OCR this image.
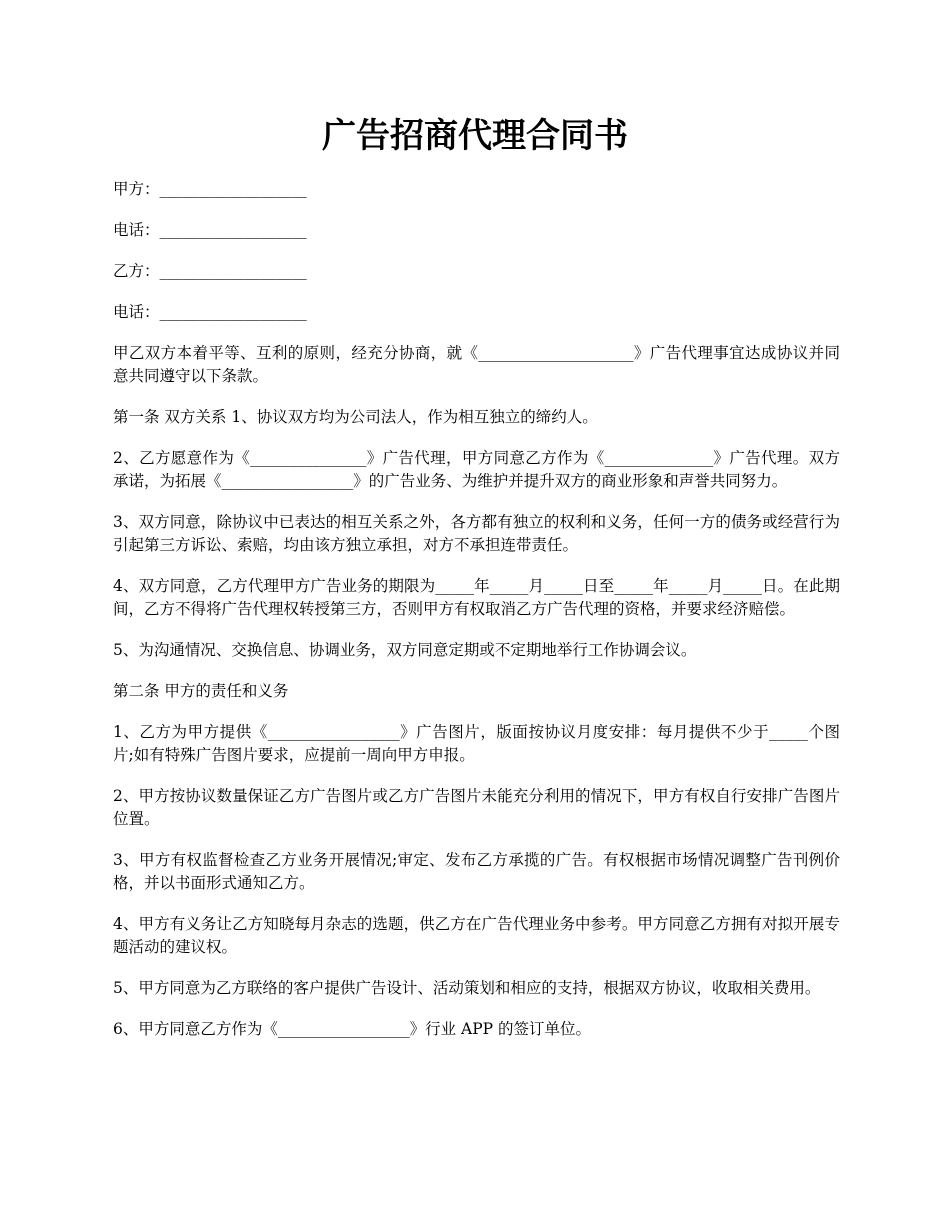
广告招商代理合同书

甲方：___________________

电话：___________________

乙方：___________________

电话：___________________

甲乙双方本着平等、互利的原则，经充分协商，就《____________________》广告代理事宜达成协议并同意共同遵守以下条款。

第一条 双方关系 1、协议双方均为公司法人，作为相互独立的缔约人。

2、乙方愿意作为《_______________》广告代理，甲方同意乙方作为《______________》广告代理。双方承诺，为拓展《_________________》的广告业务、为维护并提升双方的商业形象和声誉共同努力。

3、双方同意，除协议中已表达的相互关系之外，各方都有独立的权利和义务，任何一方的债务或经营行为引起第三方诉讼、索赔，均由该方独立承担，对方不承担连带责任。

4、双方同意，乙方代理甲方广告业务的期限为_____年_____月_____日至_____年_____月_____日。在此期间，乙方不得将广告代理权转授第三方，否则甲方有权取消乙方广告代理的资格，并要求经济赔偿。

5、为沟通情况、交换信息、协调业务，双方同意定期或不定期地举行工作协调会议。

第二条 甲方的责任和义务

1、乙方为甲方提供《_________________》广告图片，版面按协议月度安排：每月提供不少于_____个图片;如有特殊广告图片要求，应提前一周向甲方申报。

2、甲方按协议数量保证乙方广告图片或乙方广告图片未能充分利用的情况下，甲方有权自行安排广告图片位置。

3、甲方有权监督检查乙方业务开展情况;审定、发布乙方承揽的广告。有权根据市场情况调整广告刊例价格，并以书面形式通知乙方。

4、甲方有义务让乙方知晓每月杂志的选题，供乙方在广告代理业务中参考。甲方同意乙方拥有对拟开展专题活动的建议权。

5、甲方同意为乙方联络的客户提供广告设计、活动策划和相应的支持，根据双方协议，收取相关费用。

6、甲方同意乙方作为《_________________》行业 APP 的签订单位。
